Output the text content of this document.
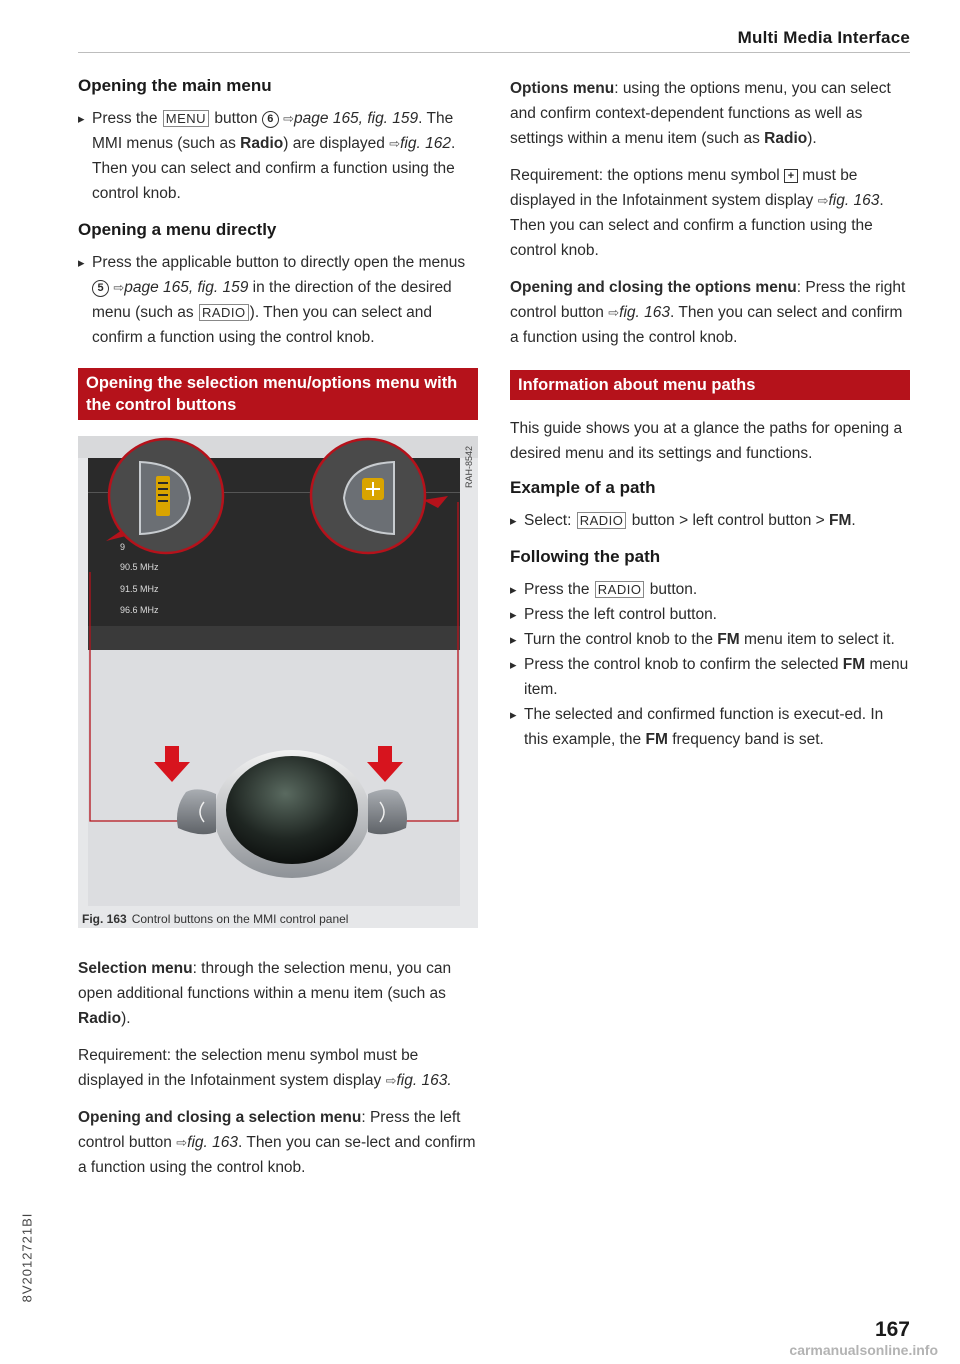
Multi Media Interface
Opening the main menu
▸ Press the MENU button 6 ⇨page 165, fig. 159. The MMI menus (such as Radio) are displayed ⇨fig. 162. Then you can select and confirm a function using the control knob.
Opening a menu directly
▸ Press the applicable button to directly open the menus 5 ⇨page 165, fig. 159 in the direction of the desired menu (such as RADIO ). Then you can select and confirm a function using the control knob.
Opening the selection menu/options menu with the control buttons
9
90.5 MHz
91.5 MHz
96.6 MHz
RAH-8542
Fig. 163 Control buttons on the MMI control panel

Selection menu: through the selection menu, you can open additional functions within a menu item (such as Radio).

Requirement: the selection menu symbol must be displayed in the Infotainment system display ⇨fig. 163.

Opening and closing a selection menu: Press the left control button ⇨fig. 163. Then you can se-lect and confirm a function using the control knob.

Options menu: using the options menu, you can select and confirm context-dependent functions as well as settings within a menu item (such as Radio).

Requirement: the options menu symbol + must be displayed in the Infotainment system display ⇨fig. 163. Then you can select and confirm a function using the control knob.

Opening and closing the options menu: Press the right control button ⇨fig. 163. Then you can select and confirm a function using the control knob.

Information about menu paths

This guide shows you at a glance the paths for opening a desired menu and its settings and functions.

Example of a path
▸ Select: RADIO button > left control button > FM.
Following the path
▸ Press the RADIO button.
▸ Press the left control button.
▸ Turn the control knob to the FM menu item to select it.
▸ Press the control knob to confirm the selected FM menu item.
▸ The selected and confirmed function is execut-ed. In this example, the FM frequency band is set.
8V2012721BI
167
carmanualsonline.info
